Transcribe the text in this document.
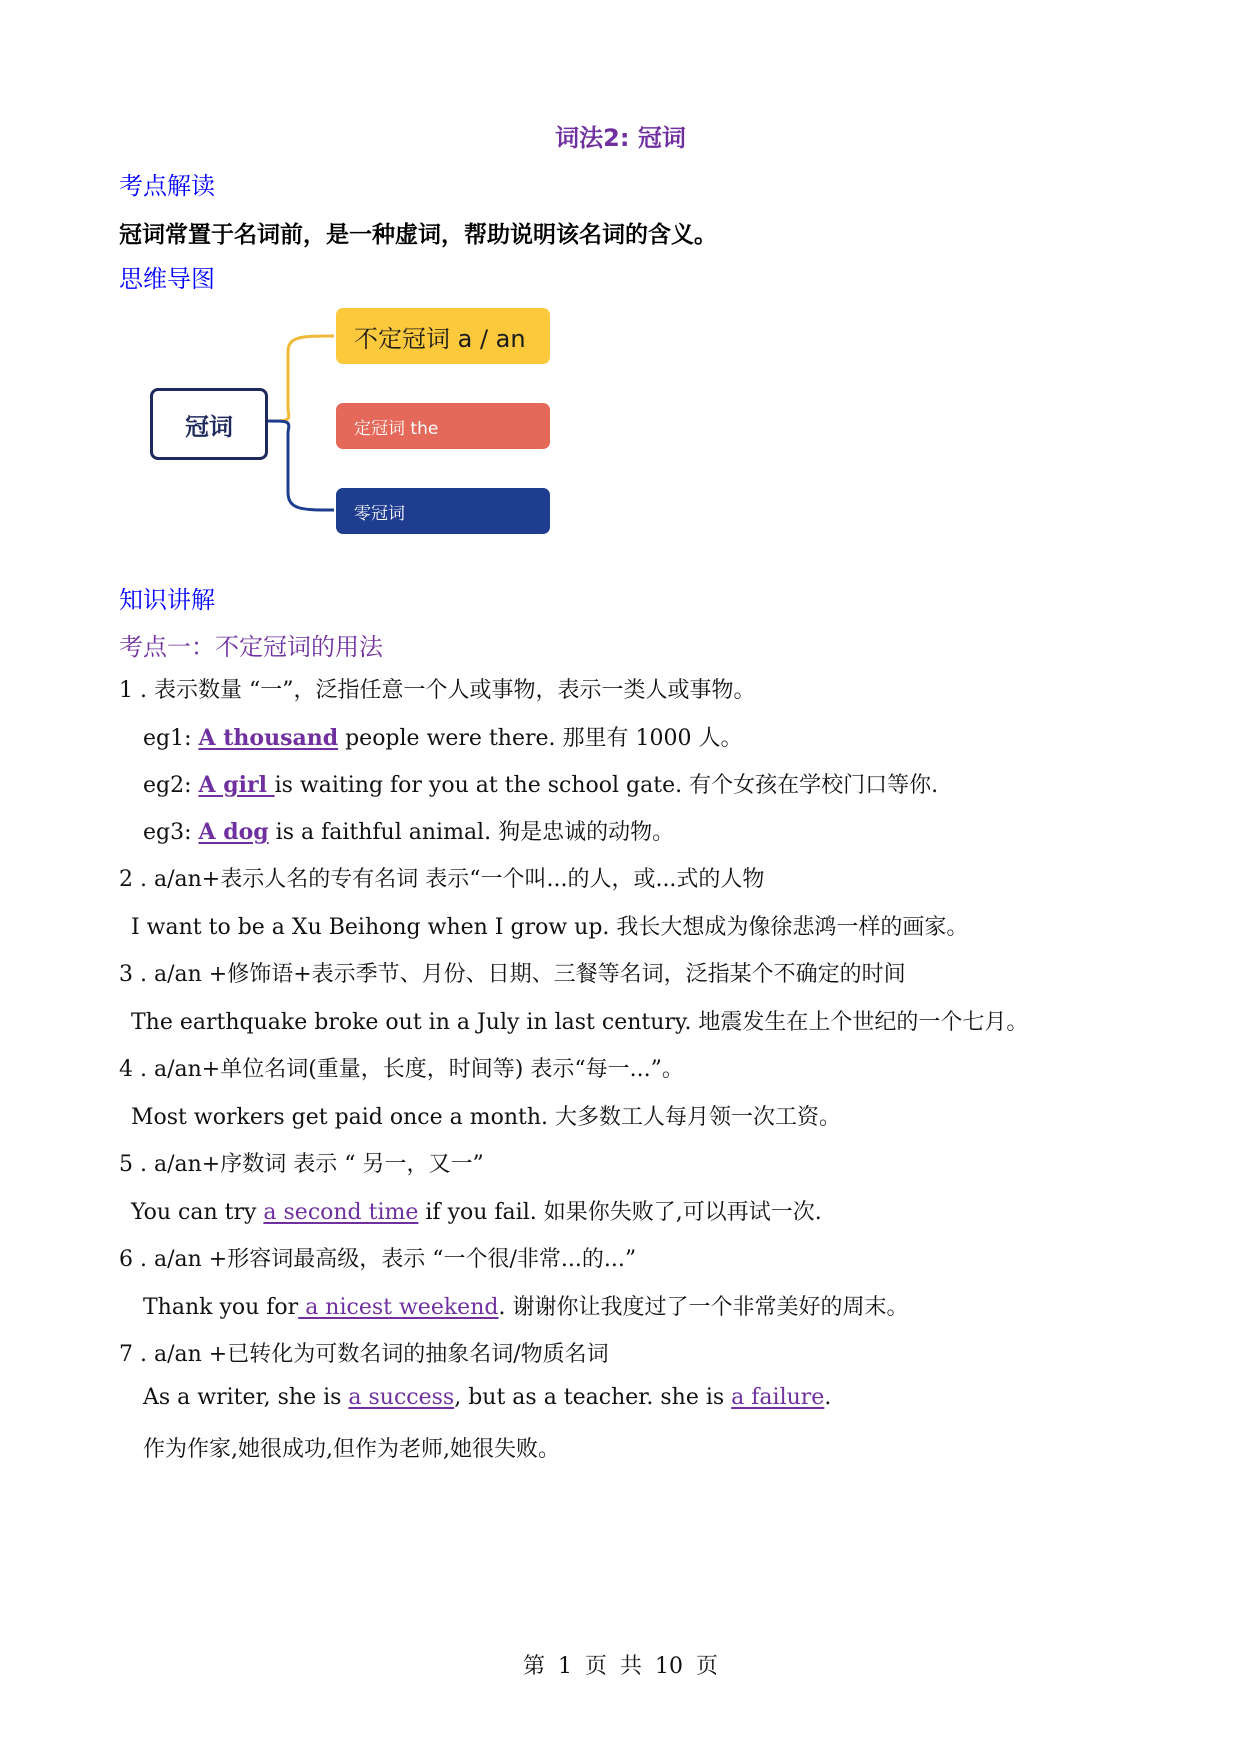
词法2: 冠词
考点解读
冠词常置于名词前，是一种虚词，帮助说明该名词的含义。
思维导图
冠词
不定冠词 a / an
定冠词 the
零冠词
知识讲解
考点一：不定冠词的用法
1 . 表示数量 “一”，泛指任意一个人或事物，表示一类人或事物。
eg1: A thousand people were there. 那里有 1000 人。
eg2: A girl is waiting for you at the school gate. 有个女孩在学校门口等你.
eg3: A dog is a faithful animal. 狗是忠诚的动物。
2 . a/an+表示人名的专有名词 表示“一个叫...的人，或...式的人物
I want to be a Xu Beihong when I grow up. 我长大想成为像徐悲鸿一样的画家。
3 . a/an +修饰语+表示季节、月份、日期、三餐等名词，泛指某个不确定的时间
The earthquake broke out in a July in last century. 地震发生在上个世纪的一个七月。
4 . a/an+单位名词(重量，长度，时间等) 表示“每一...”。
Most workers get paid once a month. 大多数工人每月领一次工资。
5 . a/an+序数词 表示 “ 另一，又一”
You can try a second time if you fail. 如果你失败了,可以再试一次.
6 . a/an +形容词最高级，表示 “一个很/非常...的...”
Thank you for a nicest weekend. 谢谢你让我度过了一个非常美好的周末。
7 . a/an +已转化为可数名词的抽象名词/物质名词
As a writer, she is a success, but as a teacher. she is a failure.
作为作家,她很成功,但作为老师,她很失败。
第 1 页 共 10 页
